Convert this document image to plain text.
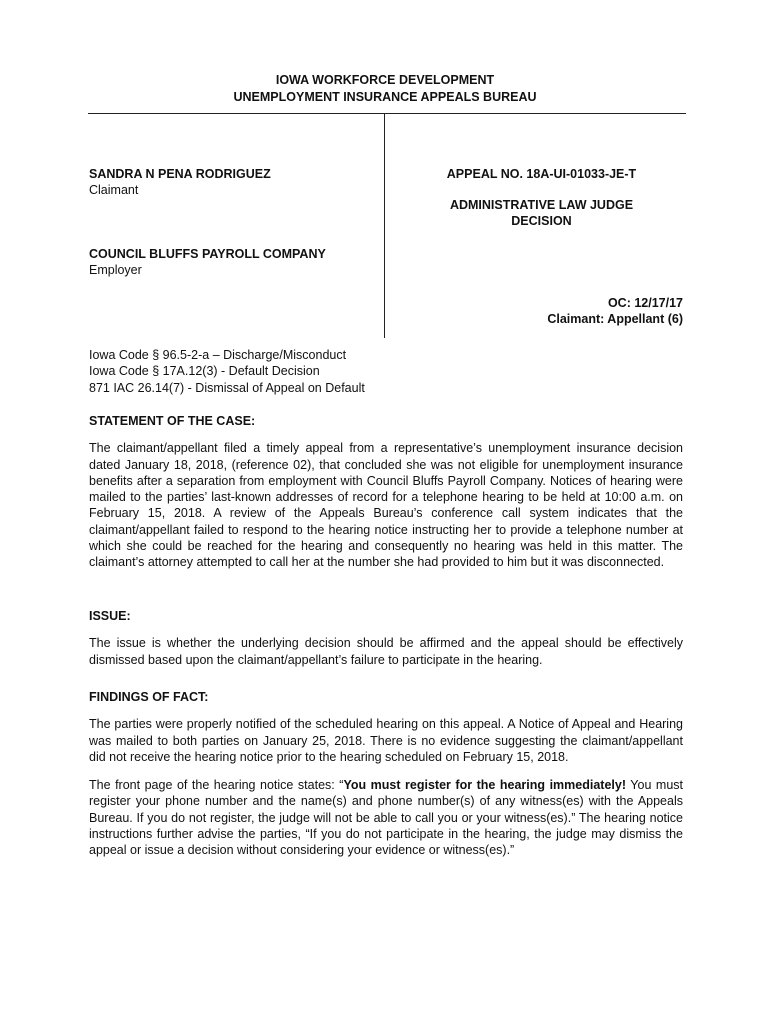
IOWA WORKFORCE DEVELOPMENT
UNEMPLOYMENT INSURANCE APPEALS BUREAU
SANDRA N PENA RODRIGUEZ
Claimant
COUNCIL BLUFFS PAYROLL COMPANY
Employer
APPEAL NO. 18A-UI-01033-JE-T
ADMINISTRATIVE LAW JUDGE
DECISION
OC: 12/17/17
Claimant: Appellant (6)
Iowa Code § 96.5-2-a – Discharge/Misconduct
Iowa Code § 17A.12(3) - Default Decision
871 IAC 26.14(7) - Dismissal of Appeal on Default

STATEMENT OF THE CASE:

The claimant/appellant filed a timely appeal from a representative’s unemployment insurance decision dated January 18, 2018, (reference 02), that concluded she was not eligible for unemployment insurance benefits after a separation from employment with Council Bluffs Payroll Company. Notices of hearing were mailed to the parties’ last-known addresses of record for a telephone hearing to be held at 10:00 a.m. on February 15, 2018. A review of the Appeals Bureau’s conference call system indicates that the claimant/appellant failed to respond to the hearing notice instructing her to provide a telephone number at which she could be reached for the hearing and consequently no hearing was held in this matter. The claimant’s attorney attempted to call her at the number she had provided to him but it was disconnected.

ISSUE:

The issue is whether the underlying decision should be affirmed and the appeal should be effectively dismissed based upon the claimant/appellant’s failure to participate in the hearing.

FINDINGS OF FACT:

The parties were properly notified of the scheduled hearing on this appeal. A Notice of Appeal and Hearing was mailed to both parties on January 25, 2018. There is no evidence suggesting the claimant/appellant did not receive the hearing notice prior to the hearing scheduled on February 15, 2018.

The front page of the hearing notice states: “You must register for the hearing immediately! You must register your phone number and the name(s) and phone number(s) of any witness(es) with the Appeals Bureau. If you do not register, the judge will not be able to call you or your witness(es).” The hearing notice instructions further advise the parties, “If you do not participate in the hearing, the judge may dismiss the appeal or issue a decision without considering your evidence or witness(es).”
